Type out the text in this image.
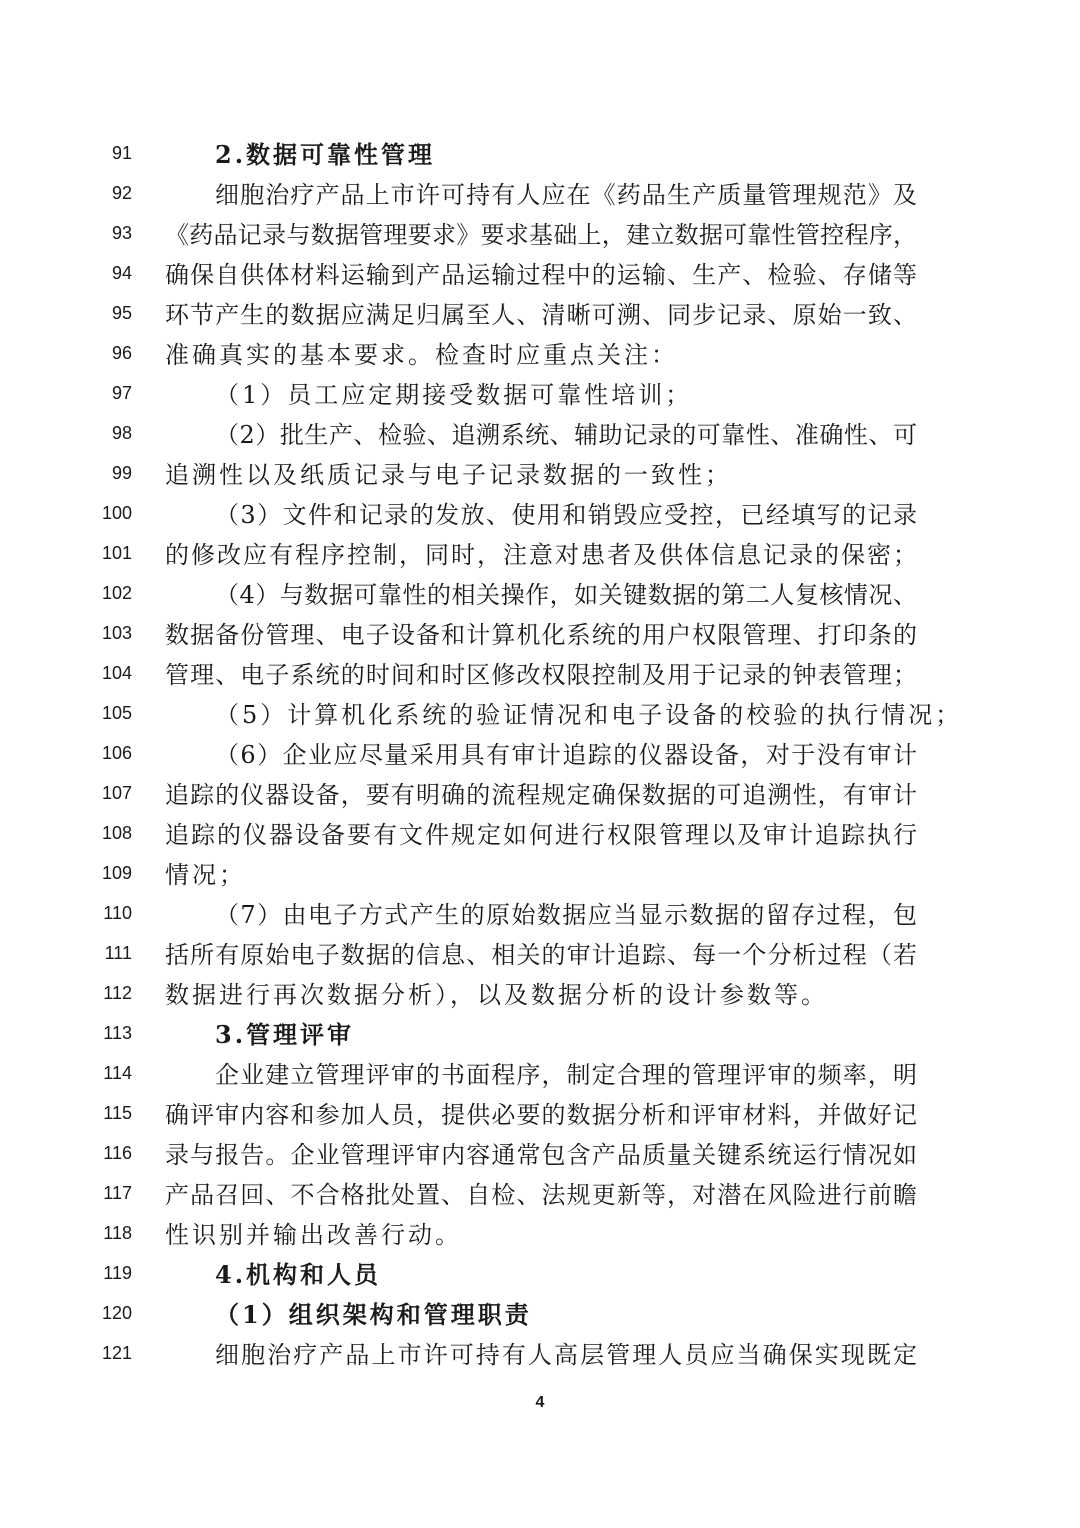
91	2.数据可靠性管理
92	细胞治疗产品上市许可持有人应在《药品生产质量管理规范》及
93 《药品记录与数据管理要求》要求基础上，建立数据可靠性管控程序，
94 确保自供体材料运输到产品运输过程中的运输、生产、检验、存储等
95 环节产生的数据应满足归属至人、清晰可溯、同步记录、原始一致、
96 准确真实的基本要求。检查时应重点关注：
97	（1）员工应定期接受数据可靠性培训；
98	（2）批生产、检验、追溯系统、辅助记录的可靠性、准确性、可
99 追溯性以及纸质记录与电子记录数据的一致性；
100	（3）文件和记录的发放、使用和销毁应受控，已经填写的记录
101 的修改应有程序控制，同时，注意对患者及供体信息记录的保密；
102	（4）与数据可靠性的相关操作，如关键数据的第二人复核情况、
103 数据备份管理、电子设备和计算机化系统的用户权限管理、打印条的
104 管理、电子系统的时间和时区修改权限控制及用于记录的钟表管理；
105	（5）计算机化系统的验证情况和电子设备的校验的执行情况；
106	（6）企业应尽量采用具有审计追踪的仪器设备，对于没有审计
107 追踪的仪器设备，要有明确的流程规定确保数据的可追溯性，有审计
108 追踪的仪器设备要有文件规定如何进行权限管理以及审计追踪执行
109 情况；
110	（7）由电子方式产生的原始数据应当显示数据的留存过程，包
111 括所有原始电子数据的信息、相关的审计追踪、每一个分析过程（若
112 数据进行再次数据分析），以及数据分析的设计参数等。
113	3.管理评审
114	企业建立管理评审的书面程序，制定合理的管理评审的频率，明
115 确评审内容和参加人员，提供必要的数据分析和评审材料，并做好记
116 录与报告。企业管理评审内容通常包含产品质量关键系统运行情况如
117 产品召回、不合格批处置、自检、法规更新等，对潜在风险进行前瞻
118 性识别并输出改善行动。
119	4.机构和人员
120	（1）组织架构和管理职责
121	细胞治疗产品上市许可持有人高层管理人员应当确保实现既定
4
